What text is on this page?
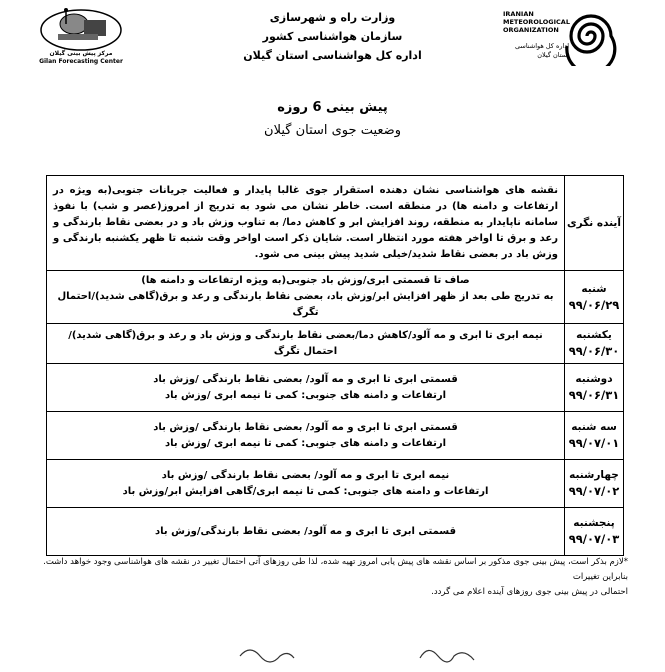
IRANIAN
METEOROLOGICAL
ORGANIZATION
اداره کل هواشناسی
استان گیلان
مرکز پیش بینی گیلان
Gilan Forecasting Center
وزارت راه و شهرسازی
سازمان هواشناسی کشور
اداره کل هواشناسی استان گیلان
پیش بینی 6 روزه
وضعیت جوی استان گیلان
آینده نگری	نقشه های هواشناسی نشان دهنده استقرار جوی غالبا پایدار و فعالیت جریانات جنوبی(به ویژه در ارتفاعات و دامنه ها) در منطقه است. خاطر نشان می شود به تدریج از امروز(عصر و شب) با نفوذ سامانه ناپایدار به منطقه، روند افزایش ابر و کاهش دما/ به تناوب وزش باد و در بعضی نقاط بارندگی و رعد و برق تا اواخر هفته مورد انتظار است. شایان ذکر است اواخر وقت شنبه تا ظهر یکشنبه بارندگی و وزش باد در بعضی نقاط شدید/خیلی شدید پیش بینی می شود.

شنبه
۹۹/۰۶/۲۹	صاف تا قسمتی ابری/وزش باد جنوبی(به ویژه ارتفاعات و دامنه ها)
به تدریج طی بعد از ظهر افزایش ابر/وزش باد، بعضی نقاط بارندگی و رعد و برق(گاهی شدید)/احتمال تگرگ

یکشنبه
۹۹/۰۶/۳۰	نیمه ابری تا ابری و مه آلود/کاهش دما/بعضی نقاط بارندگی و وزش باد و رعد و برق(گاهی شدید)/احتمال تگرگ

دوشنبه
۹۹/۰۶/۳۱	قسمتی ابری تا ابری و مه آلود/ بعضی نقاط بارندگی /وزش باد
ارتفاعات و دامنه های جنوبی: کمی تا نیمه ابری /وزش باد

سه شنبه
۹۹/۰۷/۰۱	قسمتی ابری تا ابری و مه آلود/ بعضی نقاط بارندگی /وزش باد
ارتفاعات و دامنه های جنوبی: کمی تا نیمه ابری /وزش باد

چهارشنبه
۹۹/۰۷/۰۲	نیمه ابری تا ابری و مه آلود/ بعضی نقاط بارندگی /وزش باد
ارتفاعات و دامنه های جنوبی: کمی تا نیمه ابری/گاهی افزایش ابر/وزش باد

پنجشنبه
۹۹/۰۷/۰۳	قسمتی ابری تا ابری و مه آلود/ بعضی نقاط بارندگی/وزش باد
*لازم بذکر است، پیش بینی جوی مذکور بر اساس نقشه های پیش یابی امروز تهیه شده، لذا طی روزهای آتی احتمال تغییر در نقشه های هواشناسی وجود خواهد داشت. بنابراین تغییرات
احتمالی در پیش بینی جوی روزهای آینده اعلام می گردد.
